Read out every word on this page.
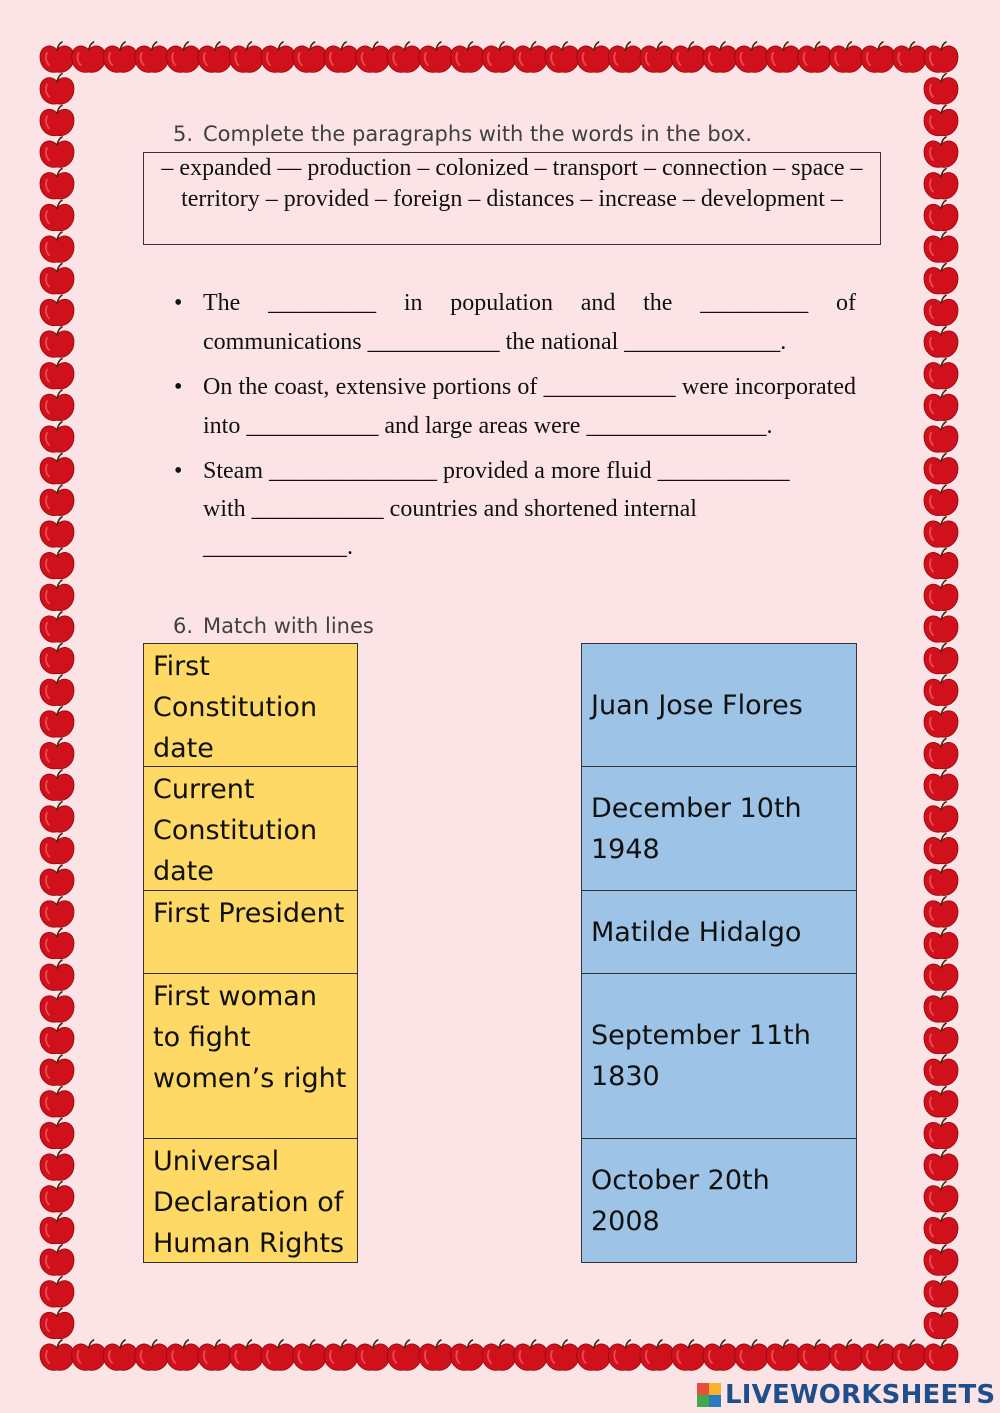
5. Complete the paragraphs with the words in the box.
– expanded –– production – colonized – transport – connection – space – territory – provided – foreign – distances – increase – development –
• The _________ in population and the _________ of communications ___________ the national _____________.
• On the coast, extensive portions of ___________ were incorporated into ___________ and large areas were _______________.
• Steam ______________ provided a more fluid ___________ with ___________ countries and shortened internal ____________.
6. Match with lines
First Constitution date
Current Constitution date
First President
First woman to fight women’s right
Universal Declaration of Human Rights
Juan Jose Flores
December 10th 1948
Matilde Hidalgo
September 11th 1830
October 20th 2008
LIVEWORKSHEETS
